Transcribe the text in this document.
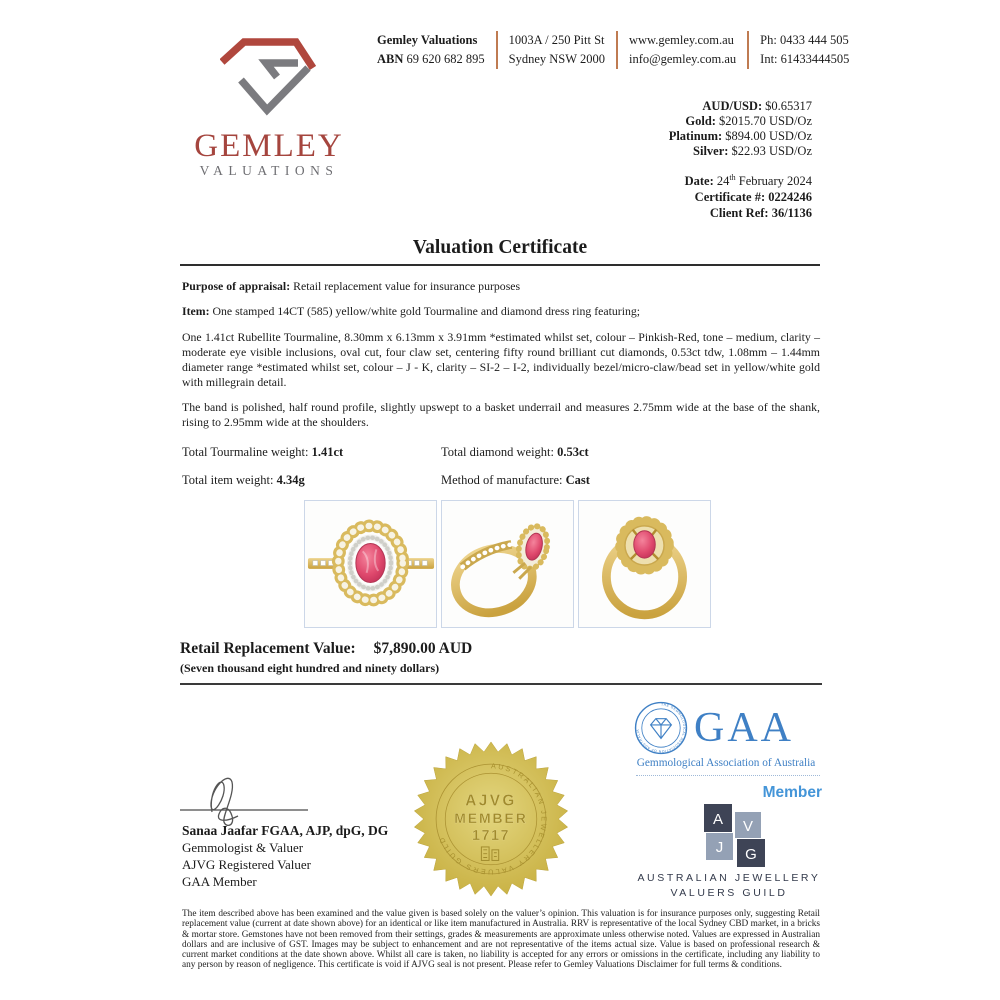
GEMLEY
VALUATIONS
Gemley Valuations
ABN 69 620 682 895
1003A / 250 Pitt St
Sydney NSW 2000
www.gemley.com.au
info@gemley.com.au
Ph: 0433 444 505
Int: 61433444505
AUD/USD: $0.65317
Gold: $2015.70 USD/Oz
Platinum: $894.00 USD/Oz
Silver: $22.93 USD/Oz
Date: 24th February 2024
Certificate #: 0224246
Client Ref: 36/1136
Valuation Certificate

Purpose of appraisal: Retail replacement value for insurance purposes

Item: One stamped 14CT (585) yellow/white gold Tourmaline and diamond dress ring featuring;

One 1.41ct Rubellite Tourmaline, 8.30mm x 6.13mm x 3.91mm *estimated whilst set, colour – Pinkish-Red, tone – medium, clarity – moderate eye visible inclusions, oval cut, four claw set, centering fifty round brilliant cut diamonds, 0.53ct tdw, 1.08mm – 1.44mm diameter range *estimated whilst set, colour – J - K, clarity – SI-2 – I-2, individually bezel/micro-claw/bead set in yellow/white gold with millegrain detail.

The band is polished, half round profile, slightly upswept to a basket underrail and measures 2.75mm wide at the base of the shank, rising to 2.95mm wide at the shoulders.

Total Tourmaline weight: 1.41ct	Total diamond weight: 0.53ct
Total item weight: 4.34g	Method of manufacture: Cast
Retail Replacement Value: $7,890.00 AUD
(Seven thousand eight hundred and ninety dollars)
Sanaa Jaafar FGAA, AJP, dpG, DG
Gemmologist & Valuer
AJVG Registered Valuer
GAA Member
AUSTRALIAN JEWELLERY VALUERS GUILD
AJVG
MEMBER
1717
THE GEMMOLOGICAL ASSOCIATION OF AUSTRALIA	GAA
Gemmological Association of Australia
Member
A V
J G
AUSTRALIAN JEWELLERY
VALUERS GUILD

The item described above has been examined and the value given is based solely on the valuer’s opinion. This valuation is for insurance purposes only, suggesting Retail replacement value (current at date shown above) for an identical or like item manufactured in Australia. RRV is representative of the local Sydney CBD market, in a bricks & mortar store. Gemstones have not been removed from their settings, grades & measurements are approximate unless otherwise noted. Values are expressed in Australian dollars and are inclusive of GST. Images may be subject to enhancement and are not representative of the items actual size. Value is based on professional research & current market conditions at the date shown above. Whilst all care is taken, no liability is accepted for any errors or omissions in the certificate, including any liability to any person by reason of negligence. This certificate is void if AJVG seal is not present. Please refer to Gemley Valuations Disclaimer for full terms & conditions.
